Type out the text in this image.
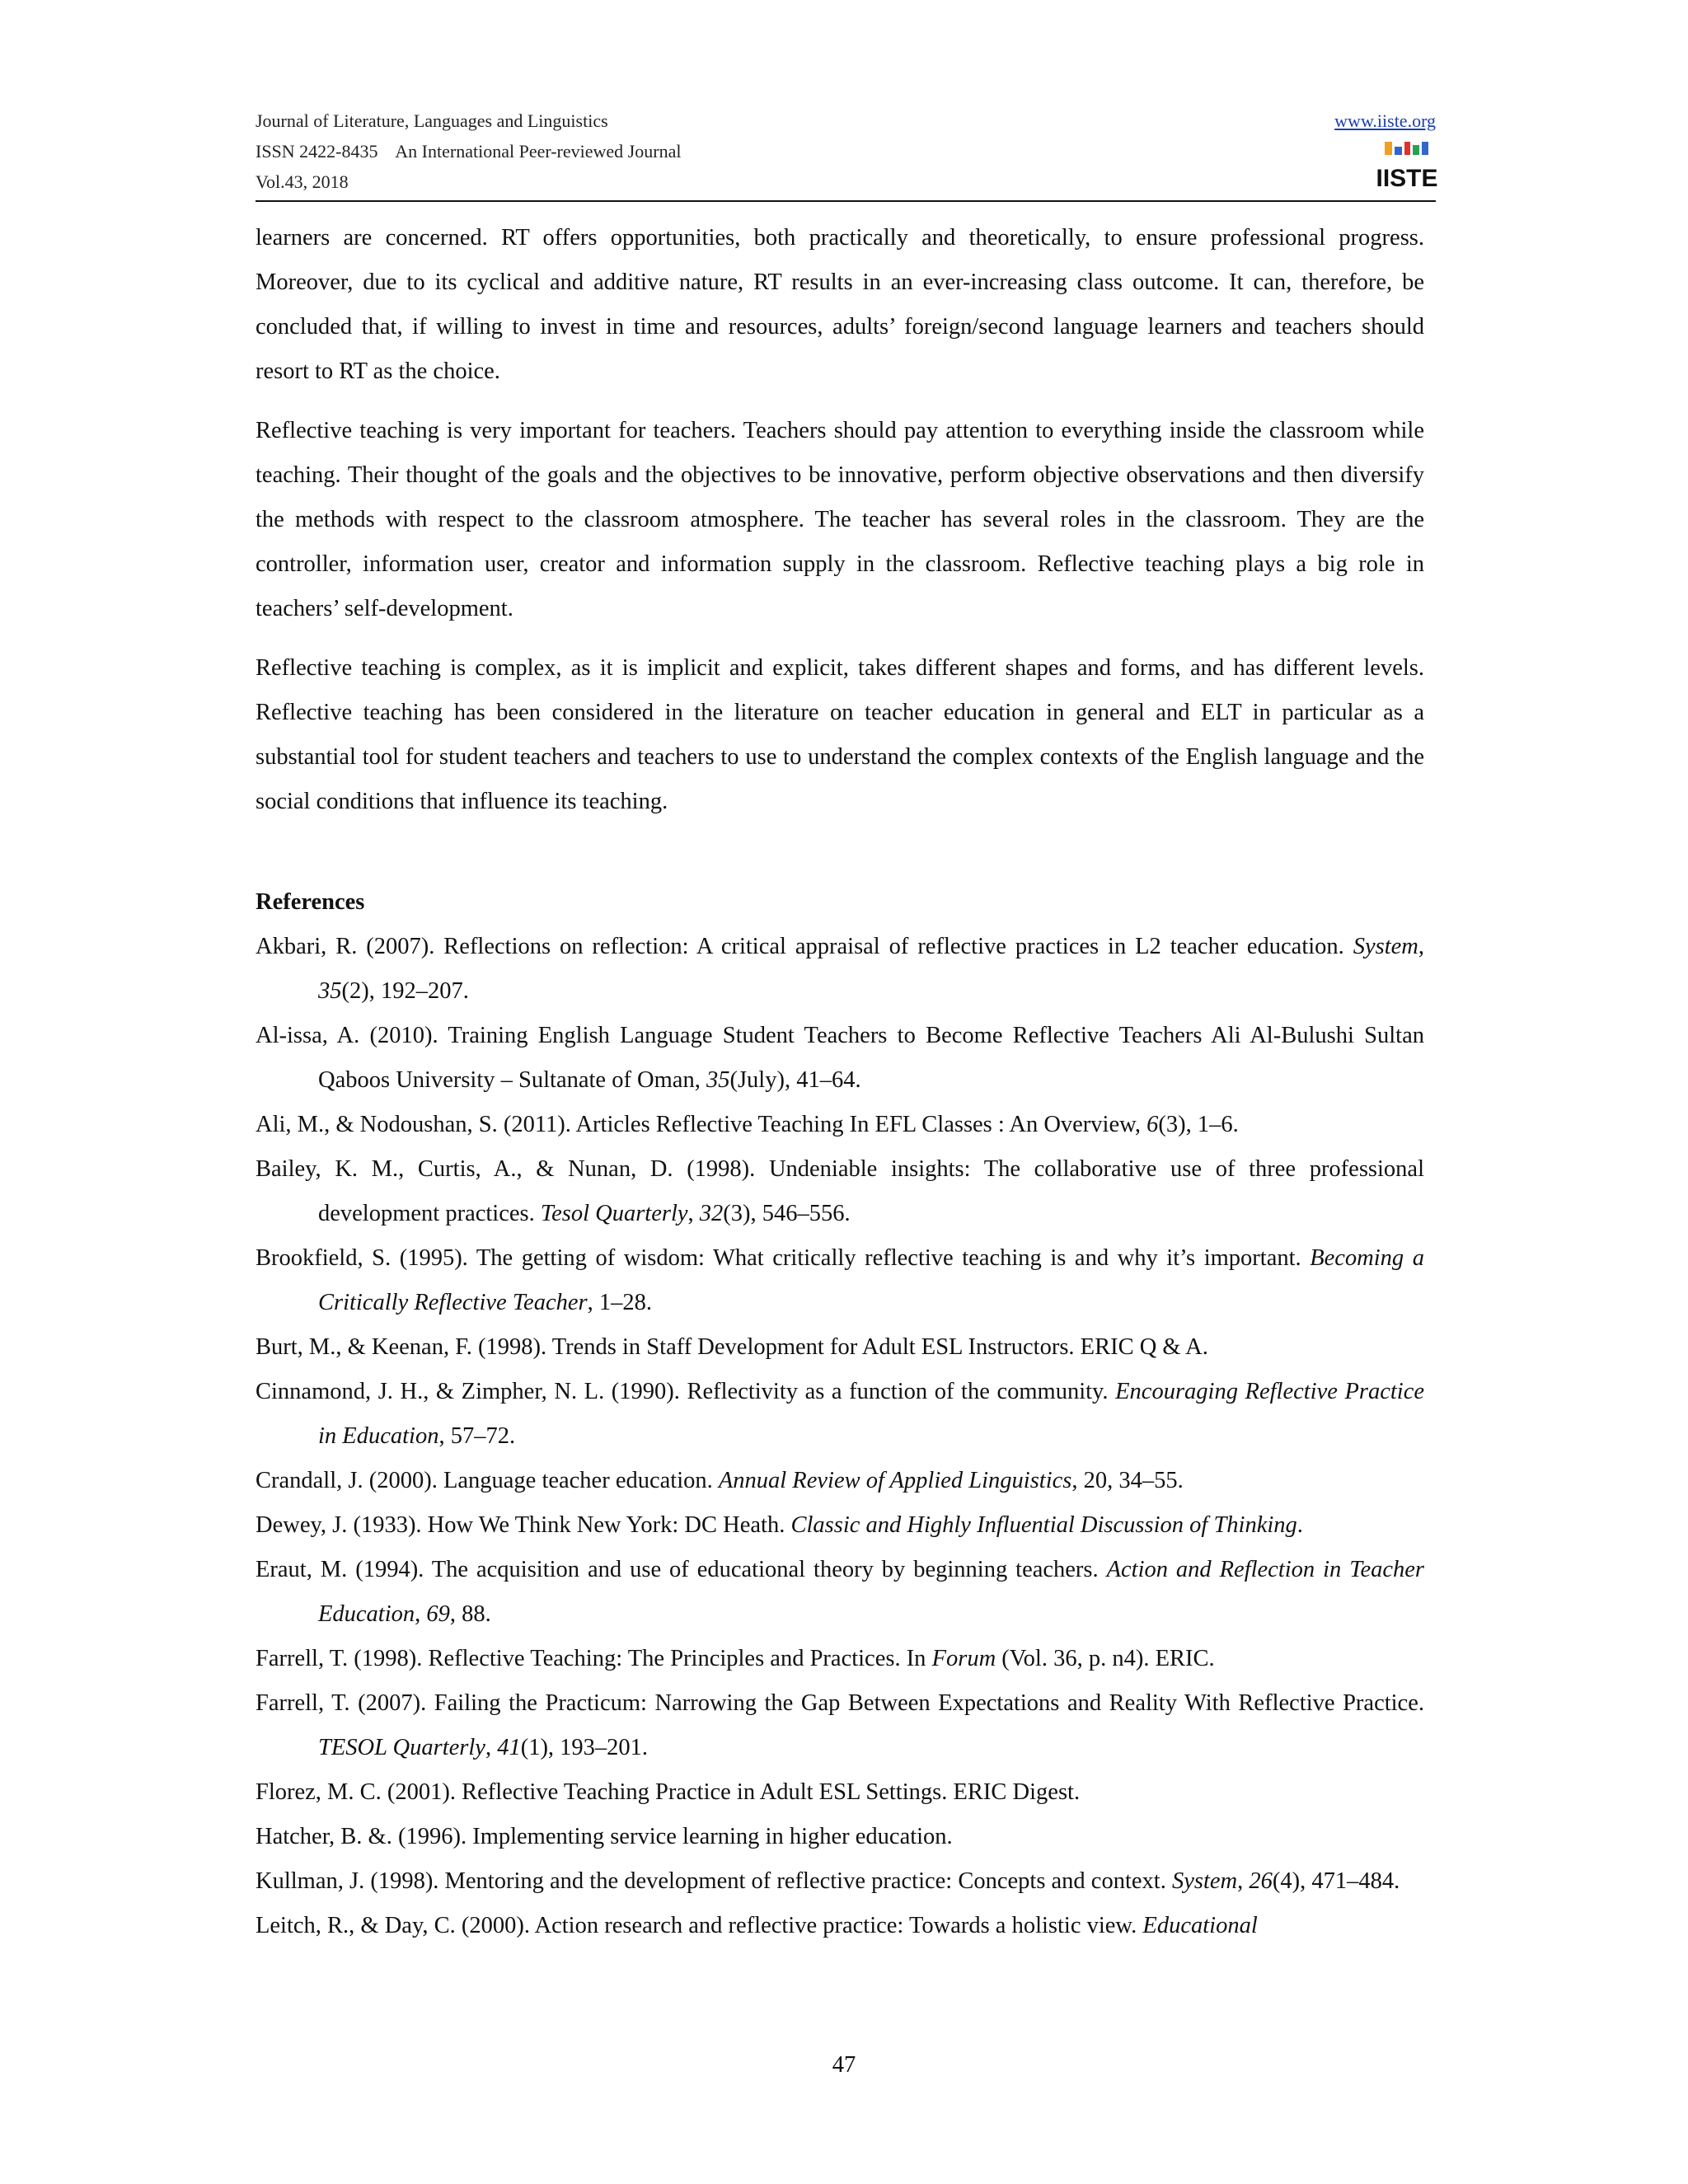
Journal of Literature, Languages and Linguistics
ISSN 2422-8435    An International Peer-reviewed Journal
Vol.43, 2018
www.iiste.org
IISTE

learners are concerned. RT offers opportunities, both practically and theoretically, to ensure professional progress. Moreover, due to its cyclical and additive nature, RT results in an ever-increasing class outcome. It can, therefore, be concluded that, if willing to invest in time and resources, adults’ foreign/second language learners and teachers should resort to RT as the choice.

Reflective teaching is very important for teachers. Teachers should pay attention to everything inside the classroom while teaching. Their thought of the goals and the objectives to be innovative, perform objective observations and then diversify the methods with respect to the classroom atmosphere. The teacher has several roles in the classroom. They are the controller, information user, creator and information supply in the classroom. Reflective teaching plays a big role in teachers’ self-development.

Reflective teaching is complex, as it is implicit and explicit, takes different shapes and forms, and has different levels. Reflective teaching has been considered in the literature on teacher education in general and ELT in particular as a substantial tool for student teachers and teachers to use to understand the complex contexts of the English language and the social conditions that influence its teaching.

References
Akbari, R. (2007). Reflections on reflection: A critical appraisal of reflective practices in L2 teacher education. System, 35(2), 192–207.
Al-issa, A. (2010). Training English Language Student Teachers to Become Reflective Teachers Ali Al-Bulushi Sultan Qaboos University – Sultanate of Oman, 35(July), 41–64.
Ali, M., & Nodoushan, S. (2011). Articles Reflective Teaching In EFL Classes : An Overview, 6(3), 1–6.
Bailey, K. M., Curtis, A., & Nunan, D. (1998). Undeniable insights: The collaborative use of three professional development practices. Tesol Quarterly, 32(3), 546–556.
Brookfield, S. (1995). The getting of wisdom: What critically reflective teaching is and why it’s important. Becoming a Critically Reflective Teacher, 1–28.
Burt, M., & Keenan, F. (1998). Trends in Staff Development for Adult ESL Instructors. ERIC Q & A.
Cinnamond, J. H., & Zimpher, N. L. (1990). Reflectivity as a function of the community. Encouraging Reflective Practice in Education, 57–72.
Crandall, J. (2000). Language teacher education. Annual Review of Applied Linguistics, 20, 34–55.
Dewey, J. (1933). How We Think New York: DC Heath. Classic and Highly Influential Discussion of Thinking.
Eraut, M. (1994). The acquisition and use of educational theory by beginning teachers. Action and Reflection in Teacher Education, 69, 88.
Farrell, T. (1998). Reflective Teaching: The Principles and Practices. In Forum (Vol. 36, p. n4). ERIC.
Farrell, T. (2007). Failing the Practicum: Narrowing the Gap Between Expectations and Reality With Reflective Practice. TESOL Quarterly, 41(1), 193–201.
Florez, M. C. (2001). Reflective Teaching Practice in Adult ESL Settings. ERIC Digest.
Hatcher, B. &. (1996). Implementing service learning in higher education.
Kullman, J. (1998). Mentoring and the development of reflective practice: Concepts and context. System, 26(4), 471–484.
Leitch, R., & Day, C. (2000). Action research and reflective practice: Towards a holistic view. Educational
47
